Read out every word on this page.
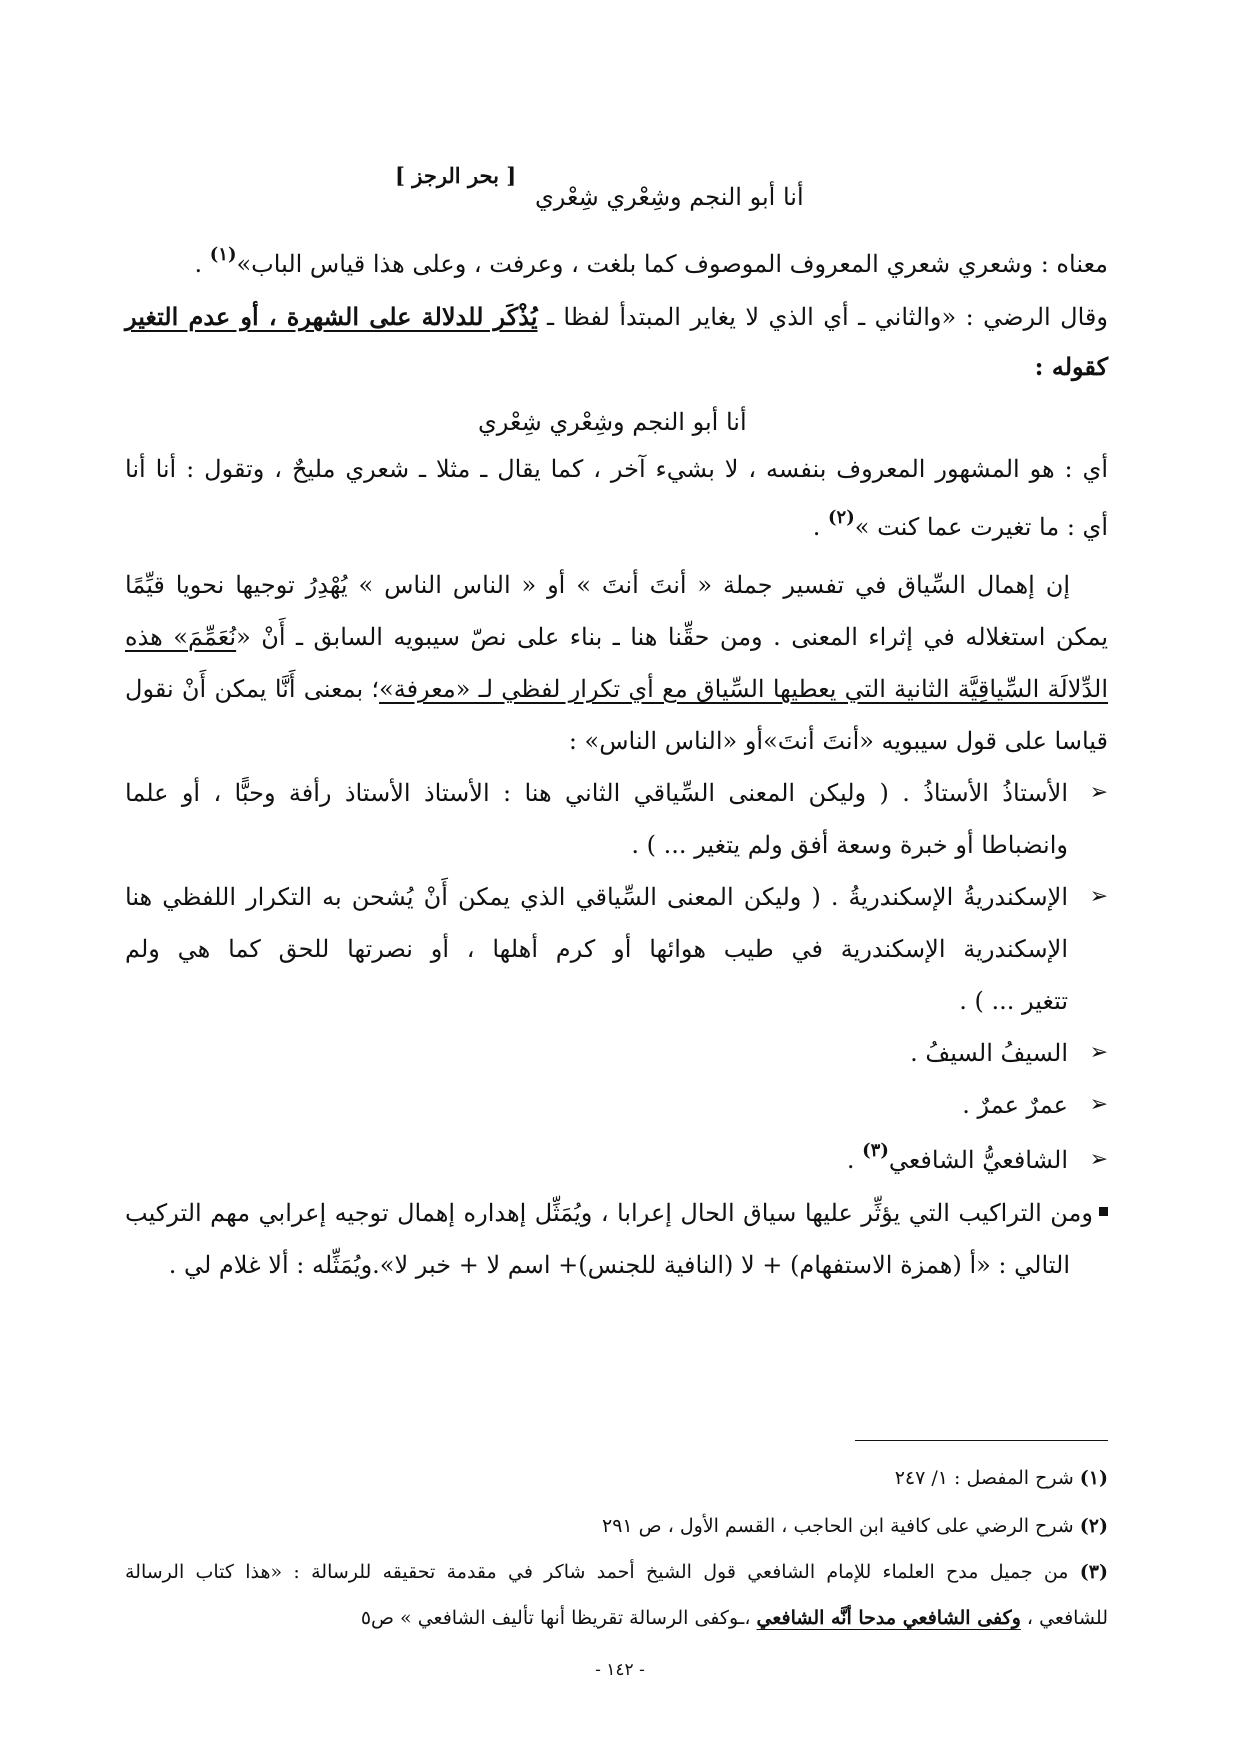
[ بحر الرجز ]
أنا أبو النجم وشِعْري شِعْري
معناه : وشعري شعري المعروف الموصوف كما بلغت ، وعرفت ، وعلى هذا قياس الباب»$^{(١)}$ .
وقال الرضي : «والثاني ـ أي الذي لا يغاير المبتدأ لفظا ـ يُذْكَر للدلالة على الشهرة ، أو عدم التغير
كقوله :
أنا أبو النجم وشِعْري شِعْري
أي : هو المشهور المعروف بنفسه ، لا بشيء آخر ، كما يقال ـ مثلا ـ شعري مليحٌ ، وتقول : أنا أنا
أي : ما تغيرت عما كنت »$^{(٢)}$ .
إن إهمال السِّياق في تفسير جملة « أنتَ أنتَ » أو « الناس الناس » يُهْدِرُ توجيها نحويا قيِّمًا
يمكن استغلاله في إثراء المعنى . ومن حقِّنا هنا ـ بناء على نصّ سيبويه السابق ـ أَنْ «نُعَمِّمَ» هذه
الدِّلالَة السِّياقِيَّة الثانية التي يعطيها السِّياق مع أي تكرار لفظي لـ «معرفة»؛ بمعنى أَنَّا يمكن أَنْ نقول
قياسا على قول سيبويه «أنتَ أنتَ»أو «الناس الناس» :
➢
الأستاذُ الأستاذُ . ( وليكن المعنى السِّياقي الثاني هنا : الأستاذ الأستاذ رأفة وحبًّا ، أو علما
وانضباطا أو خبرة وسعة أفق ولم يتغير ... ) .
➢
الإسكندريةُ الإسكندريةُ . ( وليكن المعنى السِّياقي الذي يمكن أَنْ يُشحن به التكرار اللفظي هنا
الإسكندرية الإسكندرية في طيب هوائها أو كرم أهلها ، أو نصرتها للحق كما هي ولم
تتغير ... ) .
➢
السيفُ السيفُ .
➢
عمرٌ عمرٌ .
➢
الشافعيُّ الشافعي$^{(٣)}$ .
ومن التراكيب التي يؤثِّر عليها سياق الحال إعرابا ، ويُمَثِّل إهداره إهمال توجيه إعرابي مهم التركيب
التالي : «أ (همزة الاستفهام) + لا (النافية للجنس)+ اسم لا + خبر لا».ويُمَثِّله : ألا غلام لي .
(١) شرح المفصل : ١/ ٢٤٧
(٢) شرح الرضي على كافية ابن الحاجب ، القسم الأول ، ص ٢٩١
(٣) من جميل مدح العلماء للإمام الشافعي قول الشيخ أحمد شاكر في مقدمة تحقيقه للرسالة : «هذا كتاب الرسالة
للشافعي ، وكفى الشافعي مدحا أنَّه الشافعي ،ـوكفى الرسالة تقريظا أنها تأليف الشافعي » ص٥
- ١٤٢ -
